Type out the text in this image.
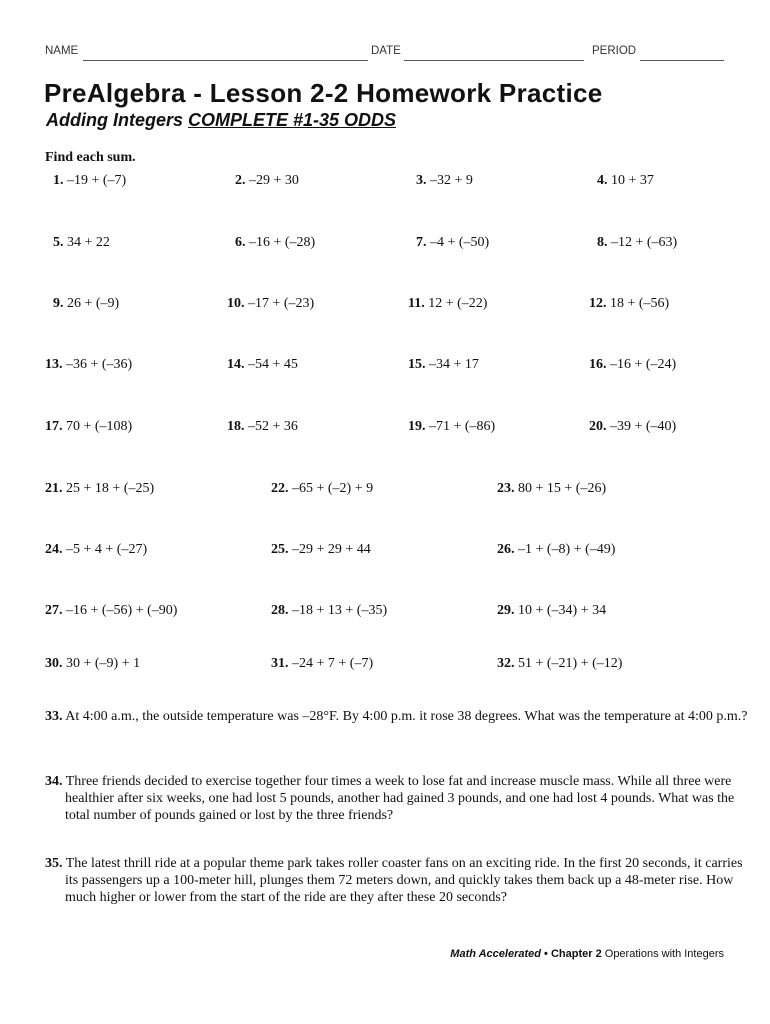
NAME	DATE	PERIOD
PreAlgebra - Lesson 2-2 Homework Practice
Adding Integers COMPLETE #1-35 ODDS
Find each sum.
1. –19 + (–7)	2. –29 + 30	3. –32 + 9	4. 10 + 37
5. 34 + 22	6. –16 + (–28)	7. –4 + (–50)	8. –12 + (–63)
9. 26 + (–9)	10. –17 + (–23)	11. 12 + (–22)	12. 18 + (–56)
13. –36 + (–36)	14. –54 + 45	15. –34 + 17	16. –16 + (–24)
17. 70 + (–108)	18. –52 + 36	19. –71 + (–86)	20. –39 + (–40)
21. 25 + 18 + (–25)	22. –65 + (–2) + 9	23. 80 + 15 + (–26)
24. –5 + 4 + (–27)	25. –29 + 29 + 44	26. –1 + (–8) + (–49)
27. –16 + (–56) + (–90)	28. –18 + 13 + (–35)	29. 10 + (–34) + 34
30. 30 + (–9) + 1	31. –24 + 7 + (–7)	32. 51 + (–21) + (–12)
33. At 4:00 a.m., the outside temperature was –28°F. By 4:00 p.m. it rose 38 degrees. What was the temperature at 4:00 p.m.?
34. Three friends decided to exercise together four times a week to lose fat and increase muscle mass. While all three were healthier after six weeks, one had lost 5 pounds, another had gained 3 pounds, and one had lost 4 pounds. What was the total number of pounds gained or lost by the three friends?
35. The latest thrill ride at a popular theme park takes roller coaster fans on an exciting ride. In the first 20 seconds, it carries its passengers up a 100-meter hill, plunges them 72 meters down, and quickly takes them back up a 48-meter rise. How much higher or lower from the start of the ride are they after these 20 seconds?
Math Accelerated • Chapter 2 Operations with Integers
